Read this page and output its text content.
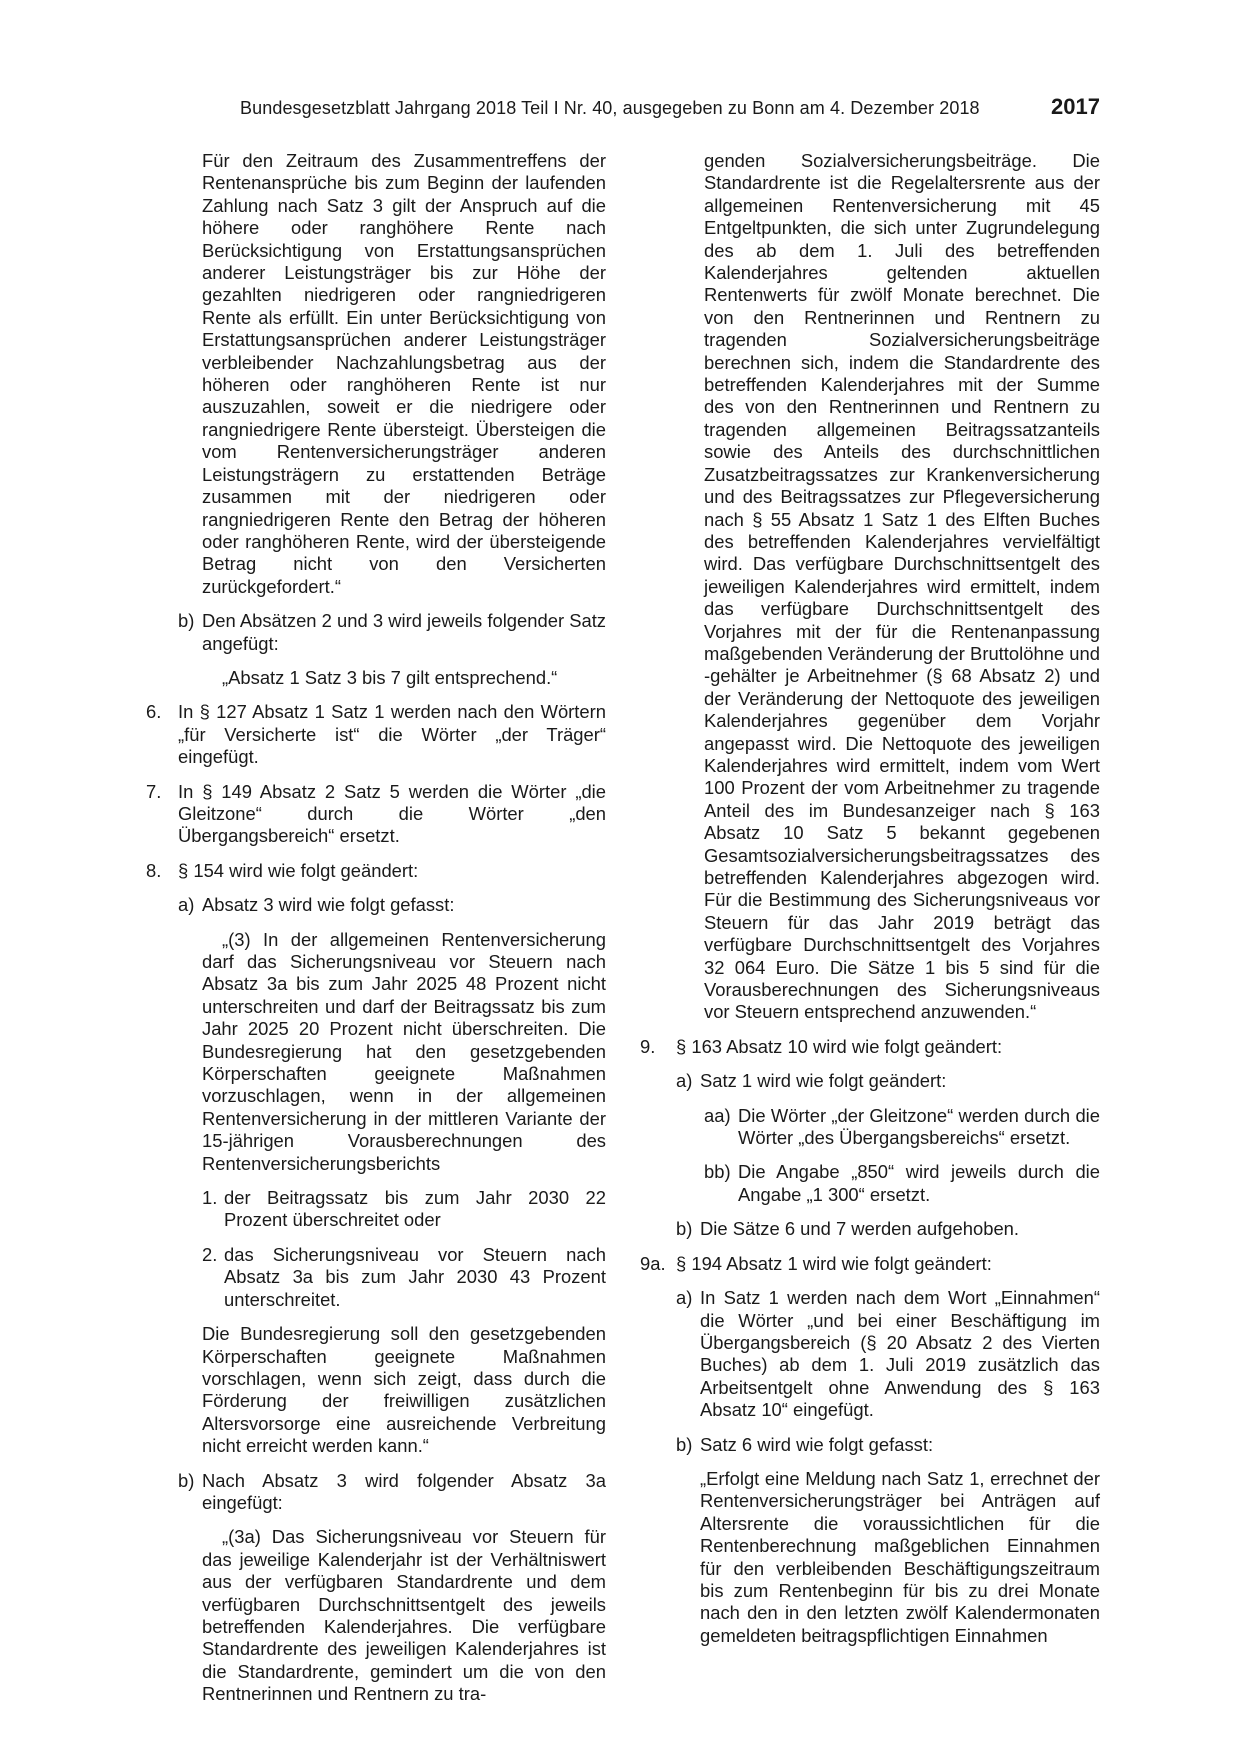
Bundesgesetzblatt Jahrgang 2018 Teil I Nr. 40, ausgegeben zu Bonn am 4. Dezember 2018	2017
Für den Zeitraum des Zusammentreffens der Rentenansprüche bis zum Beginn der laufenden Zahlung nach Satz 3 gilt der Anspruch auf die höhere oder ranghöhere Rente nach Berücksichtigung von Erstattungsansprüchen anderer Leistungsträger bis zur Höhe der gezahlten niedrigeren oder rangniedrigeren Rente als erfüllt. Ein unter Berücksichtigung von Erstattungsansprüchen anderer Leistungsträger verbleibender Nachzahlungsbetrag aus der höheren oder ranghöheren Rente ist nur auszuzahlen, soweit er die niedrigere oder rangniedrigere Rente übersteigt. Übersteigen die vom Rentenversicherungsträger anderen Leistungsträgern zu erstattenden Beträge zusammen mit der niedrigeren oder rangniedrigeren Rente den Betrag der höheren oder ranghöheren Rente, wird der übersteigende Betrag nicht von den Versicherten zurückgefordert.“
b) Den Absätzen 2 und 3 wird jeweils folgender Satz angefügt:
„Absatz 1 Satz 3 bis 7 gilt entsprechend.“
6. In § 127 Absatz 1 Satz 1 werden nach den Wörtern „für Versicherte ist“ die Wörter „der Träger“ eingefügt.
7. In § 149 Absatz 2 Satz 5 werden die Wörter „die Gleitzone“ durch die Wörter „den Übergangsbereich“ ersetzt.
8. § 154 wird wie folgt geändert:
a) Absatz 3 wird wie folgt gefasst:
„(3) In der allgemeinen Rentenversicherung darf das Sicherungsniveau vor Steuern nach Absatz 3a bis zum Jahr 2025 48 Prozent nicht unterschreiten und darf der Beitragssatz bis zum Jahr 2025 20 Prozent nicht überschreiten. Die Bundesregierung hat den gesetzgebenden Körperschaften geeignete Maßnahmen vorzuschlagen, wenn in der allgemeinen Rentenversicherung in der mittleren Variante der 15-jährigen Vorausberechnungen des Rentenversicherungsberichts
1. der Beitragssatz bis zum Jahr 2030 22 Prozent überschreitet oder
2. das Sicherungsniveau vor Steuern nach Absatz 3a bis zum Jahr 2030 43 Prozent unterschreitet.
Die Bundesregierung soll den gesetzgebenden Körperschaften geeignete Maßnahmen vorschlagen, wenn sich zeigt, dass durch die Förderung der freiwilligen zusätzlichen Altersvorsorge eine ausreichende Verbreitung nicht erreicht werden kann.“
b) Nach Absatz 3 wird folgender Absatz 3a eingefügt:
„(3a) Das Sicherungsniveau vor Steuern für das jeweilige Kalenderjahr ist der Verhältniswert aus der verfügbaren Standardrente und dem verfügbaren Durchschnittsentgelt des jeweils betreffenden Kalenderjahres. Die verfügbare Standardrente des jeweiligen Kalenderjahres ist die Standardrente, gemindert um die von den Rentnerinnen und Rentnern zu tra-
genden Sozialversicherungsbeiträge. Die Standardrente ist die Regelaltersrente aus der allgemeinen Rentenversicherung mit 45 Entgeltpunkten, die sich unter Zugrundelegung des ab dem 1. Juli des betreffenden Kalenderjahres geltenden aktuellen Rentenwerts für zwölf Monate berechnet. Die von den Rentnerinnen und Rentnern zu tragenden Sozialversicherungsbeiträge berechnen sich, indem die Standardrente des betreffenden Kalenderjahres mit der Summe des von den Rentnerinnen und Rentnern zu tragenden allgemeinen Beitragssatzanteils sowie des Anteils des durchschnittlichen Zusatzbeitragssatzes zur Krankenversicherung und des Beitragssatzes zur Pflegeversicherung nach § 55 Absatz 1 Satz 1 des Elften Buches des betreffenden Kalenderjahres vervielfältigt wird. Das verfügbare Durchschnittsentgelt des jeweiligen Kalenderjahres wird ermittelt, indem das verfügbare Durchschnittsentgelt des Vorjahres mit der für die Rentenanpassung maßgebenden Veränderung der Bruttolöhne und -gehälter je Arbeitnehmer (§ 68 Absatz 2) und der Veränderung der Nettoquote des jeweiligen Kalenderjahres gegenüber dem Vorjahr angepasst wird. Die Nettoquote des jeweiligen Kalenderjahres wird ermittelt, indem vom Wert 100 Prozent der vom Arbeitnehmer zu tragende Anteil des im Bundesanzeiger nach § 163 Absatz 10 Satz 5 bekannt gegebenen Gesamtsozialversicherungsbeitragssatzes des betreffenden Kalenderjahres abgezogen wird. Für die Bestimmung des Sicherungsniveaus vor Steuern für das Jahr 2019 beträgt das verfügbare Durchschnittsentgelt des Vorjahres 32 064 Euro. Die Sätze 1 bis 5 sind für die Vorausberechnungen des Sicherungsniveaus vor Steuern entsprechend anzuwenden.“
9.	§ 163 Absatz 10 wird wie folgt geändert:
a) Satz 1 wird wie folgt geändert:
aa) Die Wörter „der Gleitzone“ werden durch die Wörter „des Übergangsbereichs“ ersetzt.
bb) Die Angabe „850“ wird jeweils durch die Angabe „1 300“ ersetzt.
b) Die Sätze 6 und 7 werden aufgehoben.
9a. § 194 Absatz 1 wird wie folgt geändert:
a) In Satz 1 werden nach dem Wort „Einnahmen“ die Wörter „und bei einer Beschäftigung im Übergangsbereich (§ 20 Absatz 2 des Vierten Buches) ab dem 1. Juli 2019 zusätzlich das Arbeitsentgelt ohne Anwendung des § 163 Absatz 10“ eingefügt.
b) Satz 6 wird wie folgt gefasst:
„Erfolgt eine Meldung nach Satz 1, errechnet der Rentenversicherungsträger bei Anträgen auf Altersrente die voraussichtlichen für die Rentenberechnung maßgeblichen Einnahmen für den verbleibenden Beschäftigungszeitraum bis zum Rentenbeginn für bis zu drei Monate nach den in den letzten zwölf Kalendermonaten gemeldeten beitragspflichtigen Einnahmen
